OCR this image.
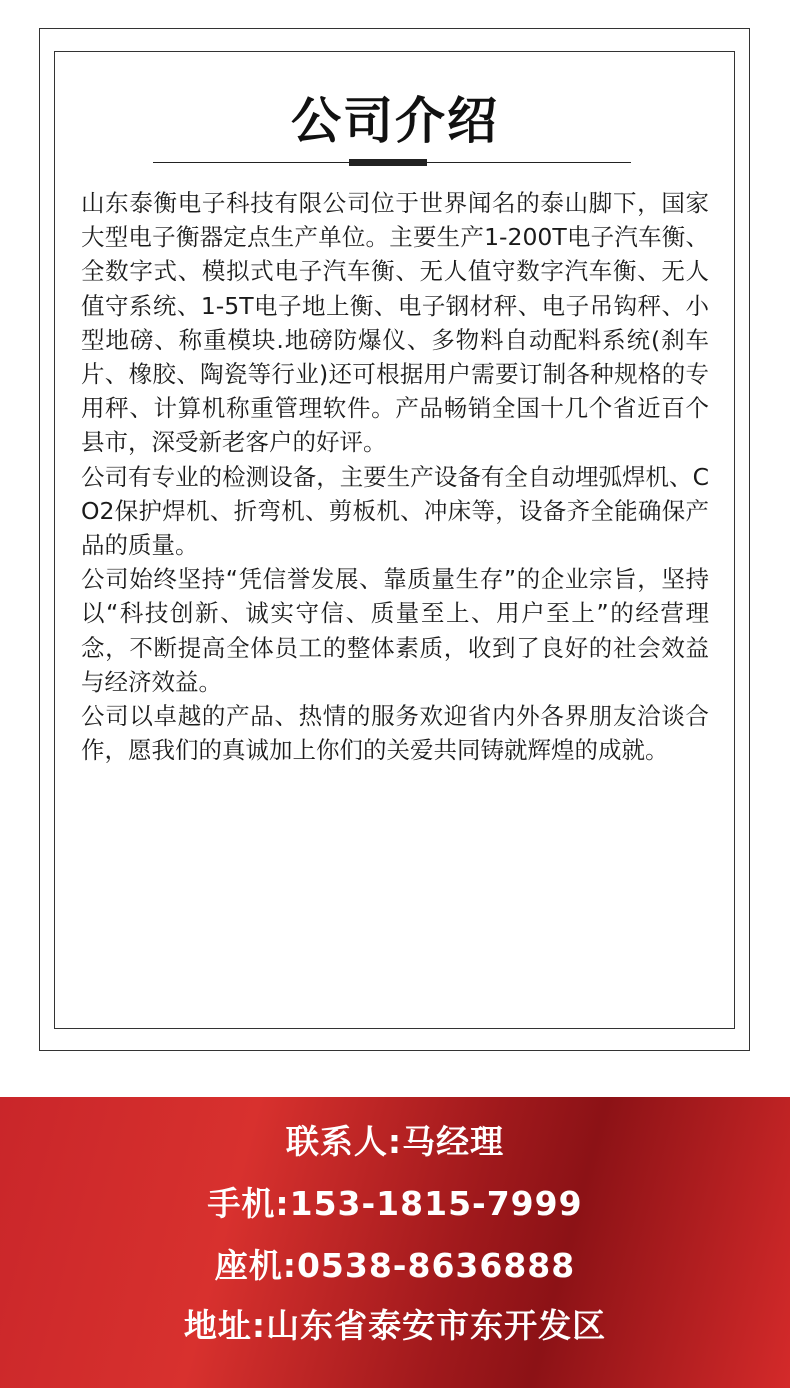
公司介绍

山东泰衡电子科技有限公司位于世界闻名的泰山脚下，国家大型电子衡器定点生产单位。主要生产1-200T电子汽车衡、全数字式、模拟式电子汽车衡、无人值守数字汽车衡、无人值守系统、1-5T电子地上衡、电子钢材秤、电子吊钩秤、小型地磅、称重模块.地磅防爆仪、多物料自动配料系统(刹车片、橡胶、陶瓷等行业)还可根据用户需要订制各种规格的专用秤、计算机称重管理软件。产品畅销全国十几个省近百个县市，深受新老客户的好评。

公司有专业的检测设备，主要生产设备有全自动埋弧焊机、CO2保护焊机、折弯机、剪板机、冲床等，设备齐全能确保产品的质量。

公司始终坚持“凭信誉发展、靠质量生存”的企业宗旨，坚持以“科技创新、诚实守信、质量至上、用户至上”的经营理念，不断提高全体员工的整体素质，收到了良好的社会效益与经济效益。

公司以卓越的产品、热情的服务欢迎省内外各界朋友洽谈合作，愿我们的真诚加上你们的关爱共同铸就辉煌的成就。

联系人:马经理
手机:153-1815-7999
座机:0538-8636888
地址:山东省泰安市东开发区
